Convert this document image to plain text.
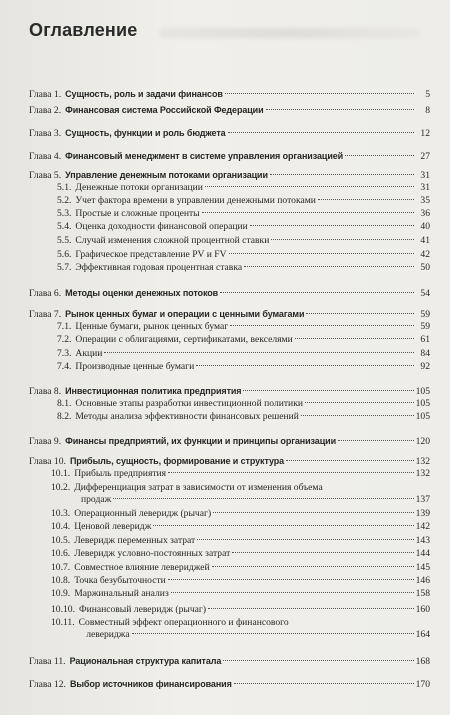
Оглавление
Глава 1. Сущность, роль и задачи финансов	5
Глава 2. Финансовая система Российской Федерации	8
Глава 3. Сущность, функции и роль бюджета	12
Глава 4. Финансовый менеджмент в системе управления организацией	27
Глава 5. Управление денежным потоками организации	31
5.1. Денежные потоки организации	31
5.2. Учет фактора времени в управлении денежными потоками	35
5.3. Простые и сложные проценты	36
5.4. Оценка доходности финансовой операции	40
5.5. Случай изменения сложной процентной ставки	41
5.6. Графическое представление PV и FV	42
5.7. Эффективная годовая процентная ставка	50
Глава 6. Методы оценки денежных потоков	54
Глава 7. Рынок ценных бумаг и операции с ценными бумагами	59
7.1. Ценные бумаги, рынок ценных бумаг	59
7.2. Операции с облигациями, сертификатами, векселями	61
7.3. Акции	84
7.4. Производные ценные бумаги	92
Глава 8. Инвестиционная политика предприятия	105
8.1. Основные этапы разработки инвестиционной политики	105
8.2. Методы анализа эффективности финансовых решений	105
Глава 9. Финансы предприятий, их функции и принципы организации	120
Глава 10. Прибыль, сущность, формирование и структура	132
10.1. Прибыль предприятия	132
10.2. Дифференциация затрат в зависимости от изменения объема
продаж	137
10.3. Операционный леверидж (рычаг)	139
10.4. Ценовой леверидж	142
10.5. Леверидж переменных затрат	143
10.6. Леверидж условно-постоянных затрат	144
10.7. Совместное влияние левериджей	145
10.8. Точка безубыточности	146
10.9. Маржинальный анализ	158
10.10. Финансовый леверидж (рычаг)	160
10.11. Совместный эффект операционного и финансового
левериджа	164
Глава 11. Рациональная структура капитала	168
Глава 12. Выбор источников финансирования	170
